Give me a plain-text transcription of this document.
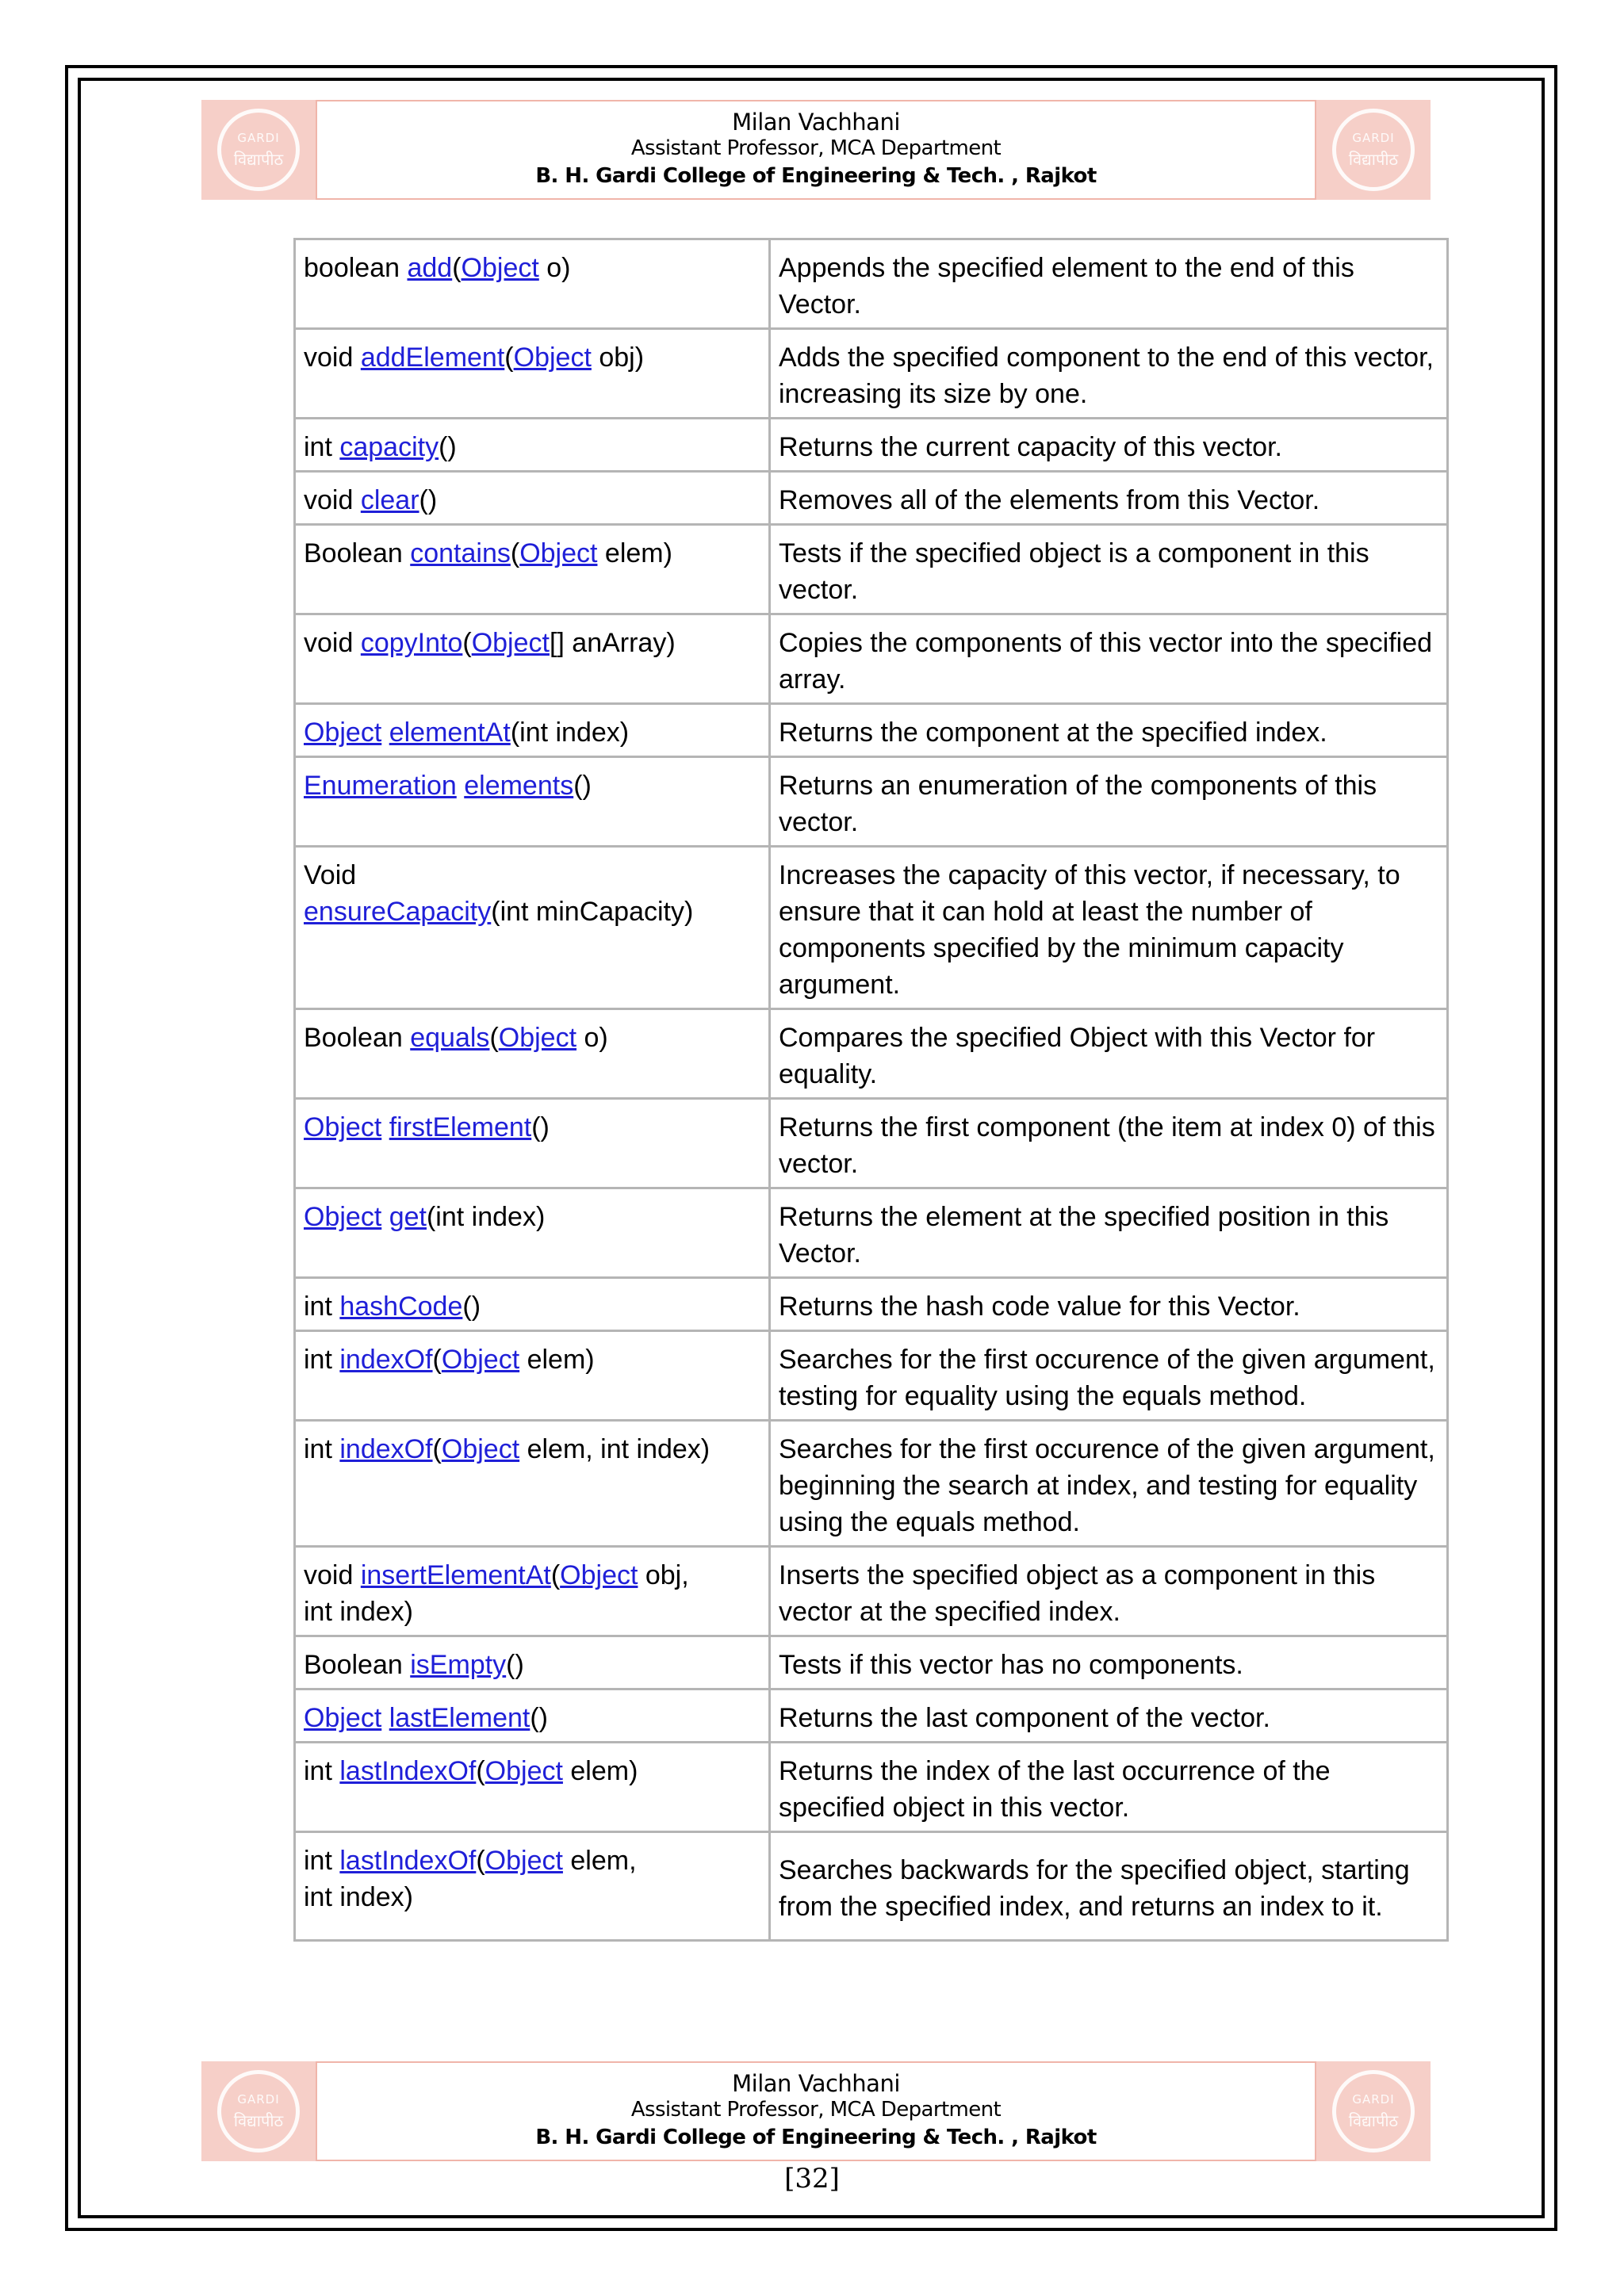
GARDI
विद्यापीठ
Milan Vachhani
Assistant Professor, MCA Department
B. H. Gardi College of Engineering & Tech. , Rajkot
GARDI
विद्यापीठ
boolean add(Object o)	Appends the specified element to the end of this Vector.
void addElement(Object obj)	Adds the specified component to the end of this vector, increasing its size by one.
int capacity()	Returns the current capacity of this vector.
void clear()	Removes all of the elements from this Vector.
Boolean contains(Object elem)	Tests if the specified object is a component in this vector.
void copyInto(Object[] anArray)	Copies the components of this vector into the specified array.
Object elementAt(int index)	Returns the component at the specified index.
Enumeration elements()	Returns an enumeration of the components of this vector.
Void
ensureCapacity(int minCapacity)	Increases the capacity of this vector, if necessary, to ensure that it can hold at least the number of components specified by the minimum capacity argument.
Boolean equals(Object o)	Compares the specified Object with this Vector for equality.
Object firstElement()	Returns the first component (the item at index 0) of this vector.
Object get(int index)	Returns the element at the specified position in this Vector.
int hashCode()	Returns the hash code value for this Vector.
int indexOf(Object elem)	Searches for the first occurence of the given argument, testing for equality using the equals method.
int indexOf(Object elem, int index)	Searches for the first occurence of the given argument, beginning the search at index, and testing for equality using the equals method.
void insertElementAt(Object obj,
int index)	Inserts the specified object as a component in this vector at the specified index.
Boolean isEmpty()	Tests if this vector has no components.
Object lastElement()	Returns the last component of the vector.
int lastIndexOf(Object elem)	Returns the index of the last occurrence of the specified object in this vector.
int lastIndexOf(Object elem,
int index)	Searches backwards for the specified object, starting from the specified index, and returns an index to it.
GARDI
विद्यापीठ
Milan Vachhani
Assistant Professor, MCA Department
B. H. Gardi College of Engineering & Tech. , Rajkot
GARDI
विद्यापीठ
[32]
